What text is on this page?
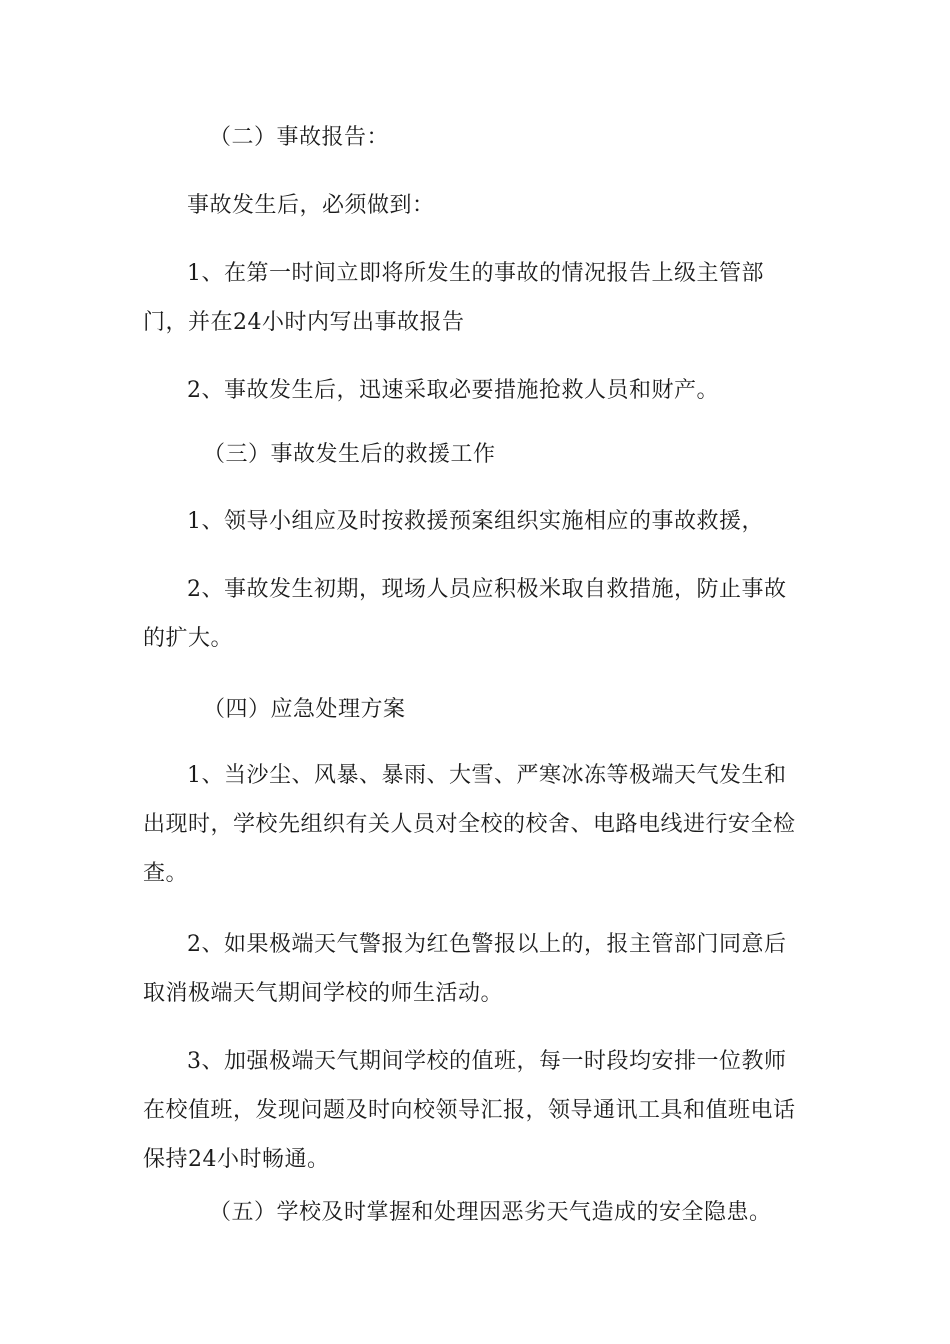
（二）事故报告：

事故发生后，必须做到：

1、在第一时间立即将所发生的事故的情况报告上级主管部门，并在24小时内写出事故报告

2、事故发生后，迅速采取必要措施抢救人员和财产。

（三）事故发生后的救援工作

1、领导小组应及时按救援预案组织实施相应的事故救援，

2、事故发生初期，现场人员应积极米取自救措施，防止事故的扩大。

（四）应急处理方案

1、当沙尘、风暴、暴雨、大雪、严寒冰冻等极端天气发生和出现时，学校先组织有关人员对全校的校舍、电路电线进行安全检查。

2、如果极端天气警报为红色警报以上的，报主管部门同意后取消极端天气期间学校的师生活动。

3、加强极端天气期间学校的值班，每一时段均安排一位教师在校值班，发现问题及时向校领导汇报，领导通讯工具和值班电话保持24小时畅通。

（五）学校及时掌握和处理因恶劣天气造成的安全隐患。
